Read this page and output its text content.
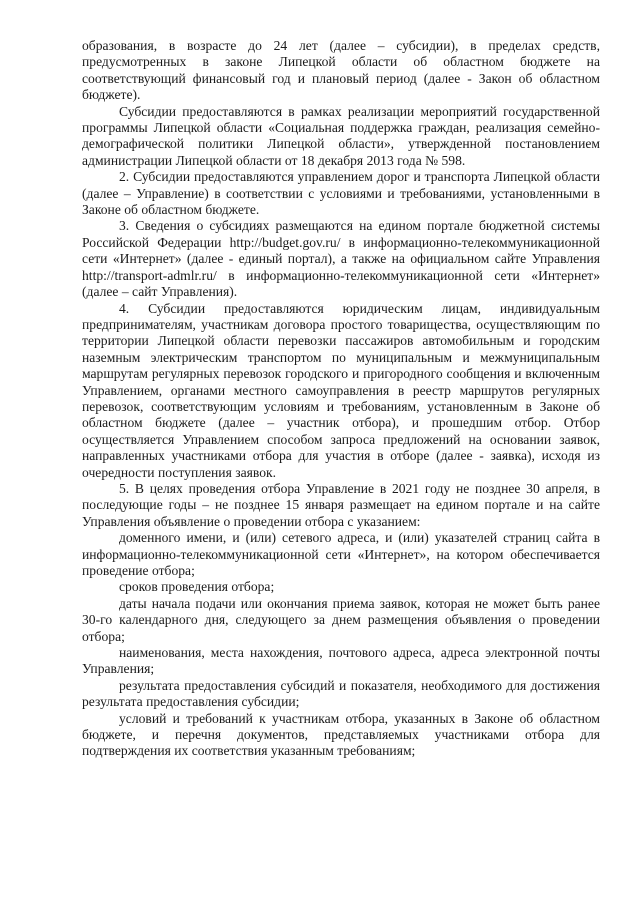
образования, в возрасте до 24 лет (далее – субсидии), в пределах средств, предусмотренных в законе Липецкой области об областном бюджете на соответствующий финансовый год и плановый период (далее - Закон об областном бюджете).

Субсидии предоставляются в рамках реализации мероприятий государственной программы Липецкой области «Социальная поддержка граждан, реализация семейно-демографической политики Липецкой области», утвержденной постановлением администрации Липецкой области от 18 декабря 2013 года № 598.

2. Субсидии предоставляются управлением дорог и транспорта Липецкой области (далее – Управление) в соответствии с условиями и требованиями, установленными в Законе об областном бюджете.

3. Сведения о субсидиях размещаются на едином портале бюджетной системы Российской Федерации http://budget.gov.ru/ в информационно-телекоммуникационной сети «Интернет» (далее - единый портал), а также на официальном сайте Управления http://transport-admlr.ru/ в информационно-телекоммуникационной сети «Интернет» (далее – сайт Управления).

4. Субсидии предоставляются юридическим лицам, индивидуальным предпринимателям, участникам договора простого товарищества, осуществляющим по территории Липецкой области перевозки пассажиров автомобильным и городским наземным электрическим транспортом по муниципальным и межмуниципальным маршрутам регулярных перевозок городского и пригородного сообщения и включенным Управлением, органами местного самоуправления в реестр маршрутов регулярных перевозок, соответствующим условиям и требованиям, установленным в Законе об областном бюджете (далее – участник отбора), и прошедшим отбор. Отбор осуществляется Управлением способом запроса предложений на основании заявок, направленных участниками отбора для участия в отборе (далее - заявка), исходя из очередности поступления заявок.

5. В целях проведения отбора Управление в 2021 году не позднее 30 апреля, в последующие годы – не позднее 15 января размещает на едином портале и на сайте Управления объявление о проведении отбора с указанием:

доменного имени, и (или) сетевого адреса, и (или) указателей страниц сайта в информационно-телекоммуникационной сети «Интернет», на котором обеспечивается проведение отбора;

сроков проведения отбора;

даты начала подачи или окончания приема заявок, которая не может быть ранее 30-го календарного дня, следующего за днем размещения объявления о проведении отбора;

наименования, места нахождения, почтового адреса, адреса электронной почты Управления;

результата предоставления субсидий и показателя, необходимого для достижения результата предоставления субсидии;

условий и требований к участникам отбора, указанных в Законе об областном бюджете, и перечня документов, представляемых участниками отбора для подтверждения их соответствия указанным требованиям;
